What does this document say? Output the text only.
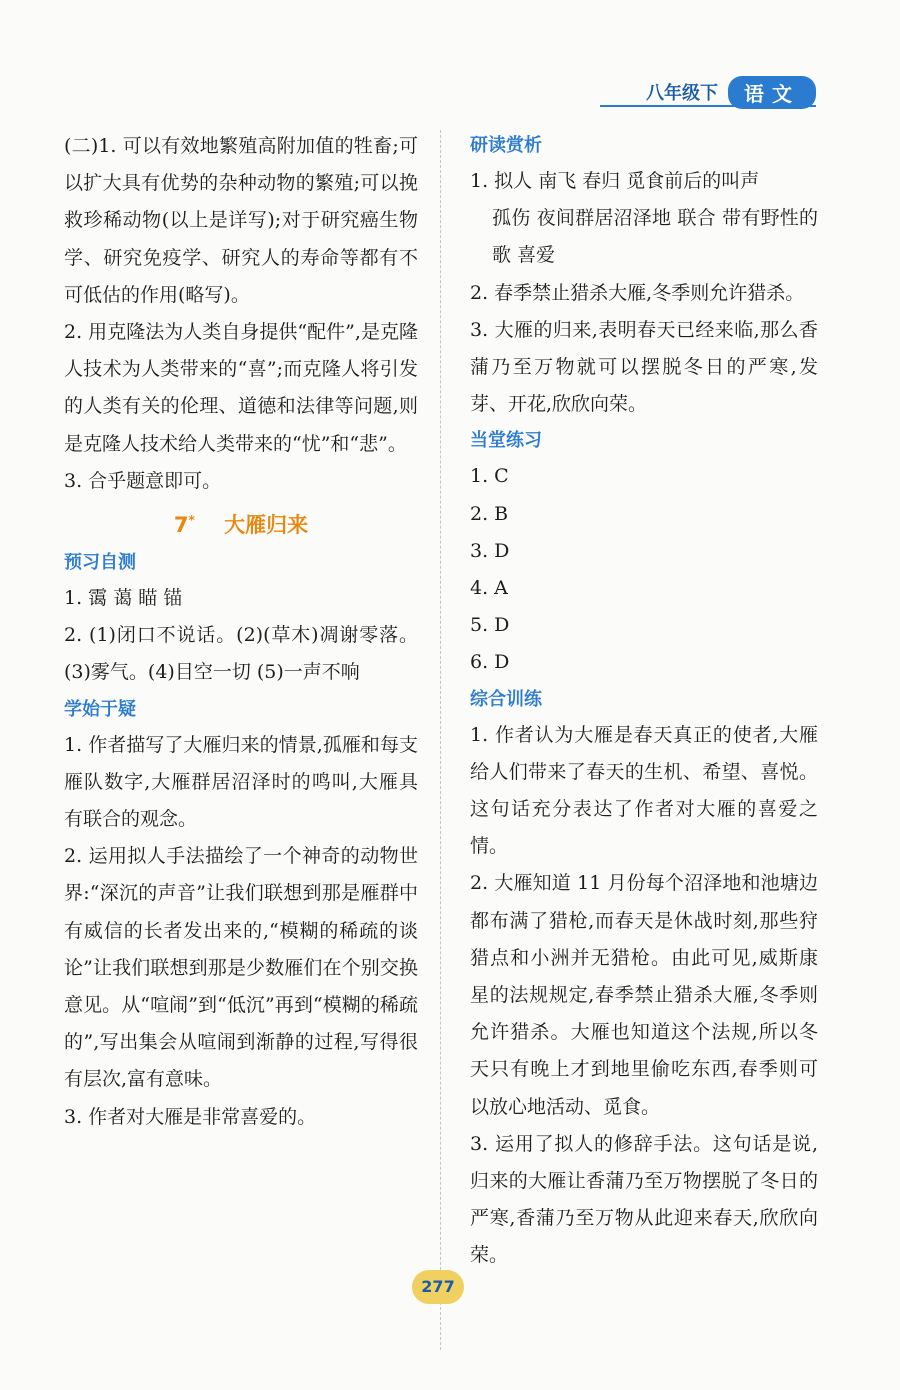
八年级下	语文

(二)1. 可以有效地繁殖高附加值的牲畜;可以扩大具有优势的杂种动物的繁殖;可以挽救珍稀动物(以上是详写);对于研究癌生物学、研究免疫学、研究人的寿命等都有不可低估的作用(略写)。

2. 用克隆法为人类自身提供“配件”,是克隆人技术为人类带来的“喜”;而克隆人将引发的人类有关的伦理、道德和法律等问题,则是克隆人技术给人类带来的“忧”和“悲”。

3. 合乎题意即可。

7* 大雁归来
预习自测

1. 霭 蔼 瞄 锚

2. (1)闭口不说话。(2)(草木)凋谢零落。(3)雾气。(4)目空一切 (5)一声不响

学始于疑

1. 作者描写了大雁归来的情景,孤雁和每支雁队数字,大雁群居沼泽时的鸣叫,大雁具有联合的观念。

2. 运用拟人手法描绘了一个神奇的动物世界:“深沉的声音”让我们联想到那是雁群中有威信的长者发出来的,“模糊的稀疏的谈论”让我们联想到那是少数雁们在个别交换意见。从“喧闹”到“低沉”再到“模糊的稀疏的”,写出集会从喧闹到渐静的过程,写得很有层次,富有意味。

3. 作者对大雁是非常喜爱的。

研读赏析

1. 拟人 南飞 春归 觅食前后的叫声

孤伤 夜间群居沼泽地 联合 带有野性的歌 喜爱

2. 春季禁止猎杀大雁,冬季则允许猎杀。

3. 大雁的归来,表明春天已经来临,那么香蒲乃至万物就可以摆脱冬日的严寒,发芽、开花,欣欣向荣。

当堂练习

1. C

2. B

3. D

4. A

5. D

6. D

综合训练

1. 作者认为大雁是春天真正的使者,大雁给人们带来了春天的生机、希望、喜悦。这句话充分表达了作者对大雁的喜爱之情。

2. 大雁知道 11 月份每个沼泽地和池塘边都布满了猎枪,而春天是休战时刻,那些狩猎点和小洲并无猎枪。由此可见,威斯康星的法规规定,春季禁止猎杀大雁,冬季则允许猎杀。大雁也知道这个法规,所以冬天只有晚上才到地里偷吃东西,春季则可以放心地活动、觅食。

3. 运用了拟人的修辞手法。这句话是说,归来的大雁让香蒲乃至万物摆脱了冬日的严寒,香蒲乃至万物从此迎来春天,欣欣向荣。

277
